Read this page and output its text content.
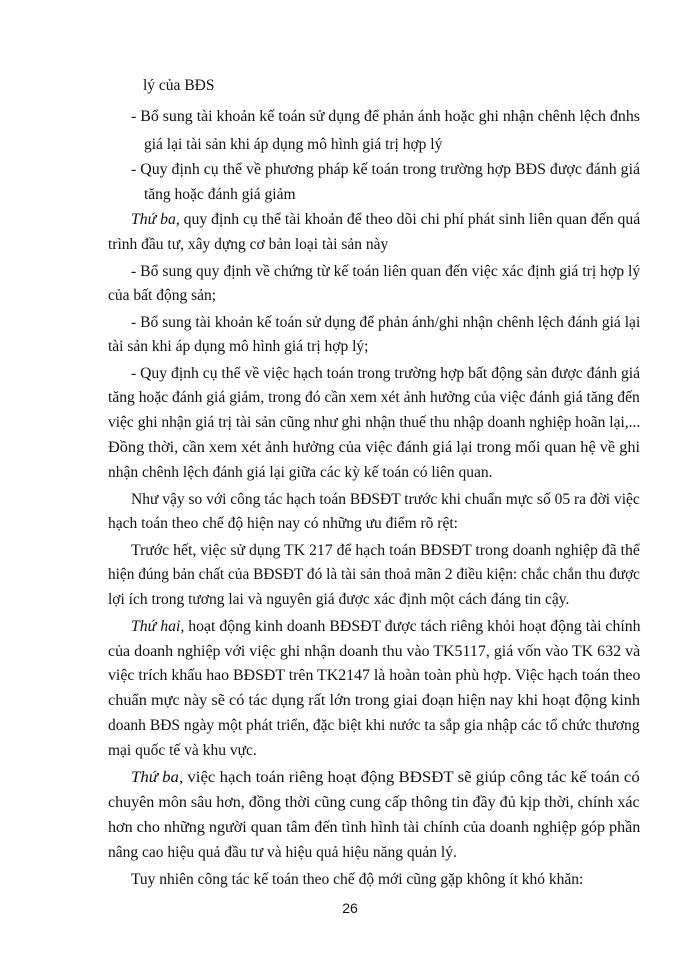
lý của BĐS
- Bổ sung tài khoản kế toán sử dụng để phản ánh hoặc ghi nhận chênh lệch đnhs
giá lại tài sản khi áp dụng mô hình giá trị hợp lý
- Quy định cụ thể về phương pháp kế toán trong trường hợp BĐS được đánh giá
tăng hoặc đánh giá giảm
Thứ ba, quy định cụ thể tài khoản để theo dõi chi phí phát sinh liên quan đến quá
trình đầu tư, xây dựng cơ bản loại tài sản này
- Bổ sung quy định về chứng từ kế toán liên quan đến việc xác định giá trị hợp lý
của bất động sản;
- Bổ sung tài khoản kế toán sử dụng để phản ánh/ghi nhận chênh lệch đánh giá lại
tài sản khi áp dụng mô hình giá trị hợp lý;
- Quy định cụ thể về việc hạch toán trong trường hợp bất động sản được đánh giá
tăng hoặc đánh giá giảm, trong đó cần xem xét ảnh hưởng của việc đánh giá tăng đến
việc ghi nhận giá trị tài sản cũng như ghi nhận thuế thu nhập doanh nghiệp hoãn lại,...
Đồng thời, cần xem xét ảnh hưởng của việc đánh giá lại trong mối quan hệ về ghi
nhận chênh lệch đánh giá lại giữa các kỳ kế toán có liên quan.
Như vậy so với công tác hạch toán BĐSĐT trước khi chuẩn mực số 05 ra đời việc
hạch toán theo chế độ hiện nay có những ưu điểm rõ rệt:
Trước hết, việc sử dụng TK 217 để hạch toán BĐSĐT trong doanh nghiệp đã thể
hiện đúng bản chất của BĐSĐT đó là tài sản thoả mãn 2 điều kiện: chắc chắn thu được
lợi ích trong tương lai và nguyên giá được xác định một cách đáng tin cậy.
Thứ hai, hoạt động kinh doanh BĐSĐT được tách riêng khỏi hoạt động tài chính
của doanh nghiệp với việc ghi nhận doanh thu vào TK5117, giá vốn vào TK 632 và
việc trích khấu hao BĐSĐT trên TK2147 là hoàn toàn phù hợp. Việc hạch toán theo
chuẩn mực này sẽ có tác dụng rất lớn trong giai đoạn hiện nay khi hoạt động kinh
doanh BĐS ngày một phát triển, đặc biệt khi nước ta sắp gia nhập các tổ chức thương
mại quốc tế và khu vực.
Thứ ba, việc hạch toán riêng hoạt động BĐSĐT sẽ giúp công tác kế toán có
chuyên môn sâu hơn, đồng thời cũng cung cấp thông tin đầy đủ kịp thời, chính xác
hơn cho những người quan tâm đến tình hình tài chính của doanh nghiệp góp phần
nâng cao hiệu quả đầu tư và hiệu quả hiệu năng quản lý.
Tuy nhiên công tác kế toán theo chế độ mới cũng gặp không ít khó khăn:
26
